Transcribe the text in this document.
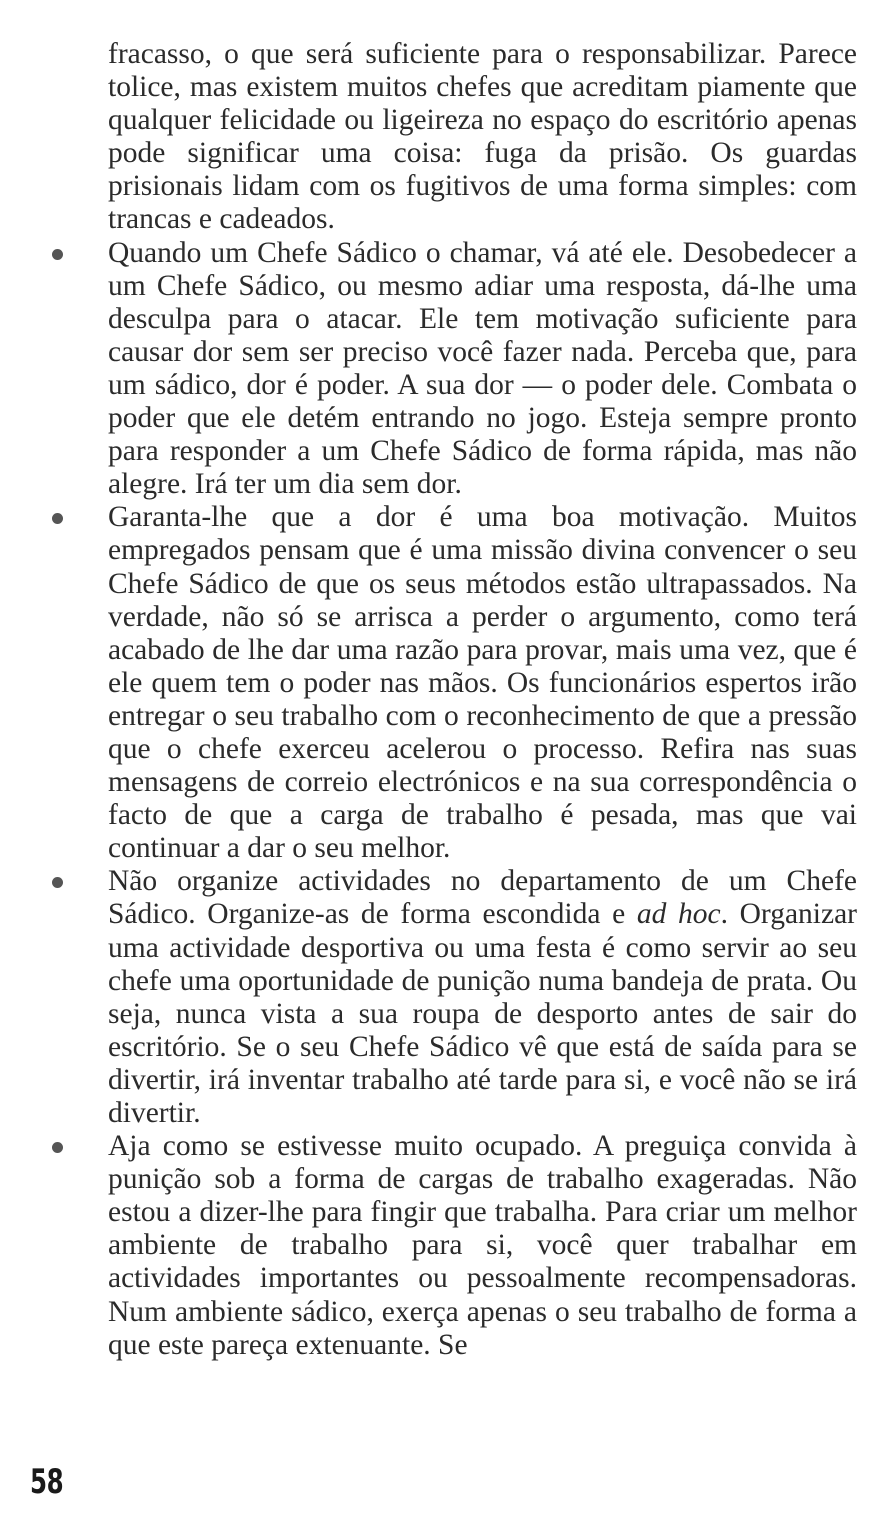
fracasso, o que será suficiente para o responsabilizar. Parece tolice, mas existem muitos chefes que acreditam piamente que qualquer felicidade ou ligeireza no espaço do escritório apenas pode significar uma coisa: fuga da prisão. Os guardas prisionais lidam com os fugitivos de uma forma simples: com trancas e cadeados.

Quando um Chefe Sádico o chamar, vá até ele. Desobedecer a um Chefe Sádico, ou mesmo adiar uma resposta, dá-lhe uma desculpa para o atacar. Ele tem motivação suficiente para causar dor sem ser preciso você fazer nada. Perceba que, para um sádico, dor é poder. A sua dor — o poder dele. Combata o poder que ele detém entrando no jogo. Esteja sempre pronto para responder a um Chefe Sádico de forma rápida, mas não alegre. Irá ter um dia sem dor.

Garanta-lhe que a dor é uma boa motivação. Muitos empregados pensam que é uma missão divina convencer o seu Chefe Sádico de que os seus métodos estão ultrapassados. Na verdade, não só se arrisca a perder o argumento, como terá acabado de lhe dar uma razão para provar, mais uma vez, que é ele quem tem o poder nas mãos. Os funcionários espertos irão entregar o seu trabalho com o reconhecimento de que a pressão que o chefe exerceu acelerou o processo. Refira nas suas mensagens de correio electrónicos e na sua correspondência o facto de que a carga de trabalho é pesada, mas que vai continuar a dar o seu melhor.

Não organize actividades no departamento de um Chefe Sádico. Organize-as de forma escondida e ad hoc. Organizar uma actividade desportiva ou uma festa é como servir ao seu chefe uma oportunidade de punição numa bandeja de prata. Ou seja, nunca vista a sua roupa de desporto antes de sair do escritório. Se o seu Chefe Sádico vê que está de saída para se divertir, irá inventar trabalho até tarde para si, e você não se irá divertir.

Aja como se estivesse muito ocupado. A preguiça convida à punição sob a forma de cargas de trabalho exageradas. Não estou a dizer-lhe para fingir que trabalha. Para criar um melhor ambiente de trabalho para si, você quer trabalhar em actividades importantes ou pessoalmente recompensadoras. Num ambiente sádico, exerça apenas o seu trabalho de forma a que este pareça extenuante. Se

58
